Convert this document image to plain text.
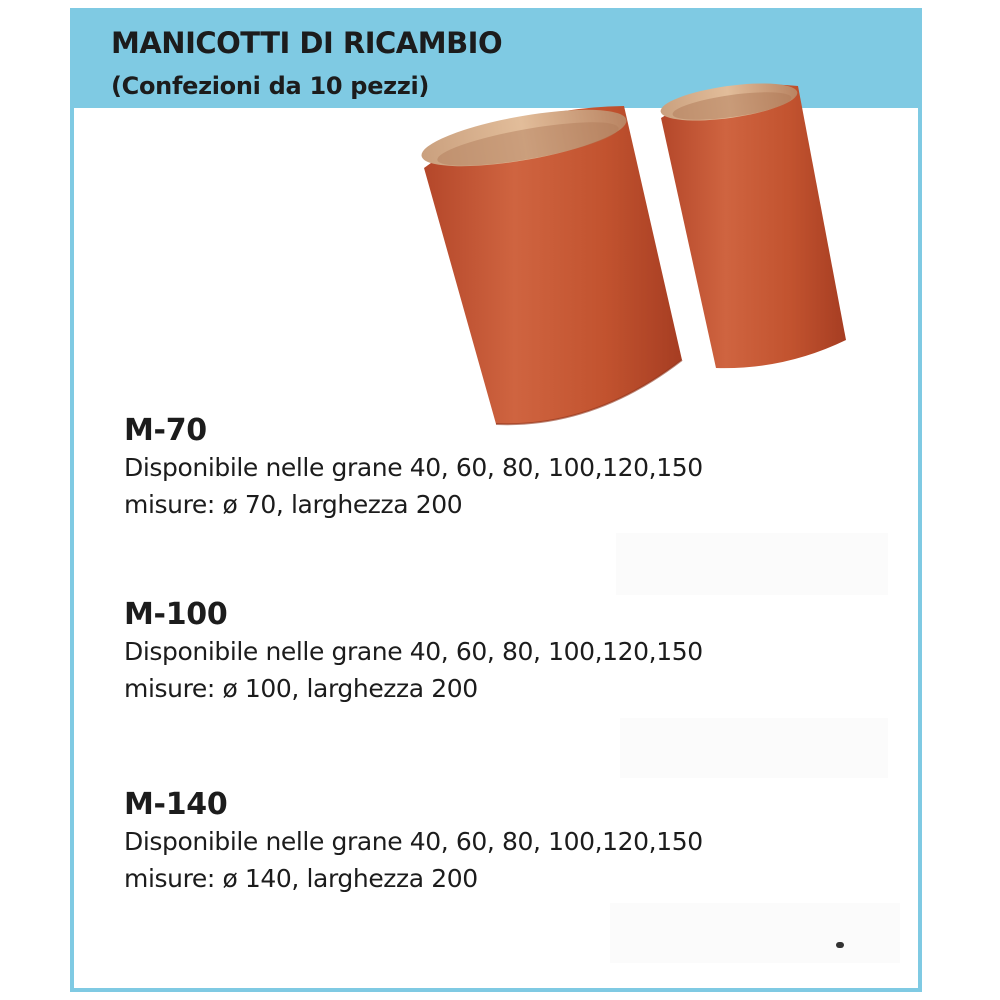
MANICOTTI DI RICAMBIO
(Confezioni da 10 pezzi)
M-70
Disponibile nelle grane 40, 60, 80, 100,120,150
misure: ø 70, larghezza 200
M-100
Disponibile nelle grane 40, 60, 80, 100,120,150
misure: ø 100, larghezza 200
M-140
Disponibile nelle grane 40, 60, 80, 100,120,150
misure: ø 140, larghezza 200
